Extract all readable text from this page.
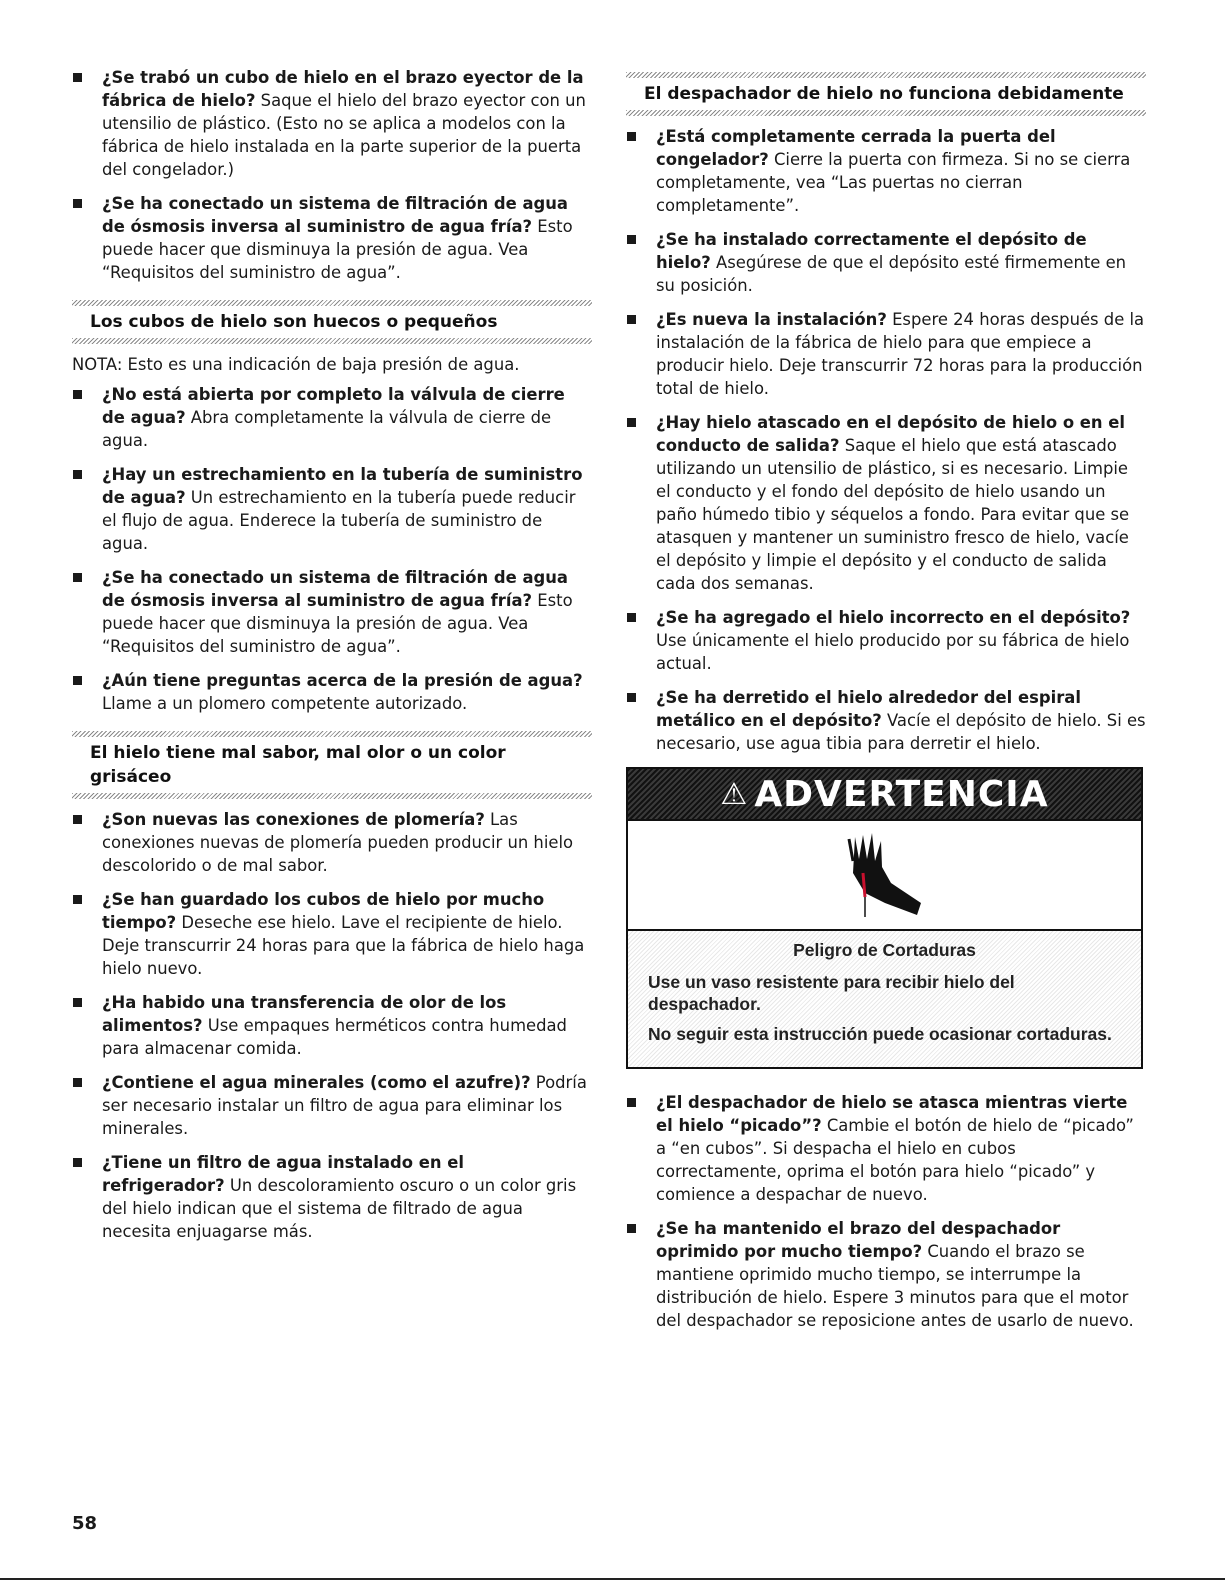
¿Se trabó un cubo de hielo en el brazo eyector de la fábrica de hielo? Saque el hielo del brazo eyector con un utensilio de plástico. (Esto no se aplica a modelos con la fábrica de hielo instalada en la parte superior de la puerta del congelador.)
¿Se ha conectado un sistema de filtración de agua de ósmosis inversa al suministro de agua fría? Esto puede hacer que disminuya la presión de agua. Vea “Requisitos del suministro de agua”.
Los cubos de hielo son huecos o pequeños

NOTA: Esto es una indicación de baja presión de agua.

¿No está abierta por completo la válvula de cierre de agua? Abra completamente la válvula de cierre de agua.
¿Hay un estrechamiento en la tubería de suministro de agua? Un estrechamiento en la tubería puede reducir el flujo de agua. Enderece la tubería de suministro de agua.
¿Se ha conectado un sistema de filtración de agua de ósmosis inversa al suministro de agua fría? Esto puede hacer que disminuya la presión de agua. Vea “Requisitos del suministro de agua”.
¿Aún tiene preguntas acerca de la presión de agua? Llame a un plomero competente autorizado.
El hielo tiene mal sabor, mal olor o un color grisáceo
¿Son nuevas las conexiones de plomería? Las conexiones nuevas de plomería pueden producir un hielo descolorido o de mal sabor.
¿Se han guardado los cubos de hielo por mucho tiempo? Deseche ese hielo. Lave el recipiente de hielo. Deje transcurrir 24 horas para que la fábrica de hielo haga hielo nuevo.
¿Ha habido una transferencia de olor de los alimentos? Use empaques herméticos contra humedad para almacenar comida.
¿Contiene el agua minerales (como el azufre)? Podría ser necesario instalar un filtro de agua para eliminar los minerales.
¿Tiene un filtro de agua instalado en el refrigerador? Un descoloramiento oscuro o un color gris del hielo indican que el sistema de filtrado de agua necesita enjuagarse más.
El despachador de hielo no funciona debidamente
¿Está completamente cerrada la puerta del congelador? Cierre la puerta con firmeza. Si no se cierra completamente, vea “Las puertas no cierran completamente”.
¿Se ha instalado correctamente el depósito de hielo? Asegúrese de que el depósito esté firmemente en su posición.
¿Es nueva la instalación? Espere 24 horas después de la instalación de la fábrica de hielo para que empiece a producir hielo. Deje transcurrir 72 horas para la producción total de hielo.
¿Hay hielo atascado en el depósito de hielo o en el conducto de salida? Saque el hielo que está atascado utilizando un utensilio de plástico, si es necesario. Limpie el conducto y el fondo del depósito de hielo usando un paño húmedo tibio y séquelos a fondo. Para evitar que se atasquen y mantener un suministro fresco de hielo, vacíe el depósito y limpie el depósito y el conducto de salida cada dos semanas.
¿Se ha agregado el hielo incorrecto en el depósito? Use únicamente el hielo producido por su fábrica de hielo actual.
¿Se ha derretido el hielo alrededor del espiral metálico en el depósito? Vacíe el depósito de hielo. Si es necesario, use agua tibia para derretir el hielo.
⚠ ADVERTENCIA
Peligro de Cortaduras

Use un vaso resistente para recibir hielo del despachador.

No seguir esta instrucción puede ocasionar cortaduras.

¿El despachador de hielo se atasca mientras vierte el hielo “picado”? Cambie el botón de hielo de “picado” a “en cubos”. Si despacha el hielo en cubos correctamente, oprima el botón para hielo “picado” y comience a despachar de nuevo.
¿Se ha mantenido el brazo del despachador oprimido por mucho tiempo? Cuando el brazo se mantiene oprimido mucho tiempo, se interrumpe la distribución de hielo. Espere 3 minutos para que el motor del despachador se reposicione antes de usarlo de nuevo.
58
